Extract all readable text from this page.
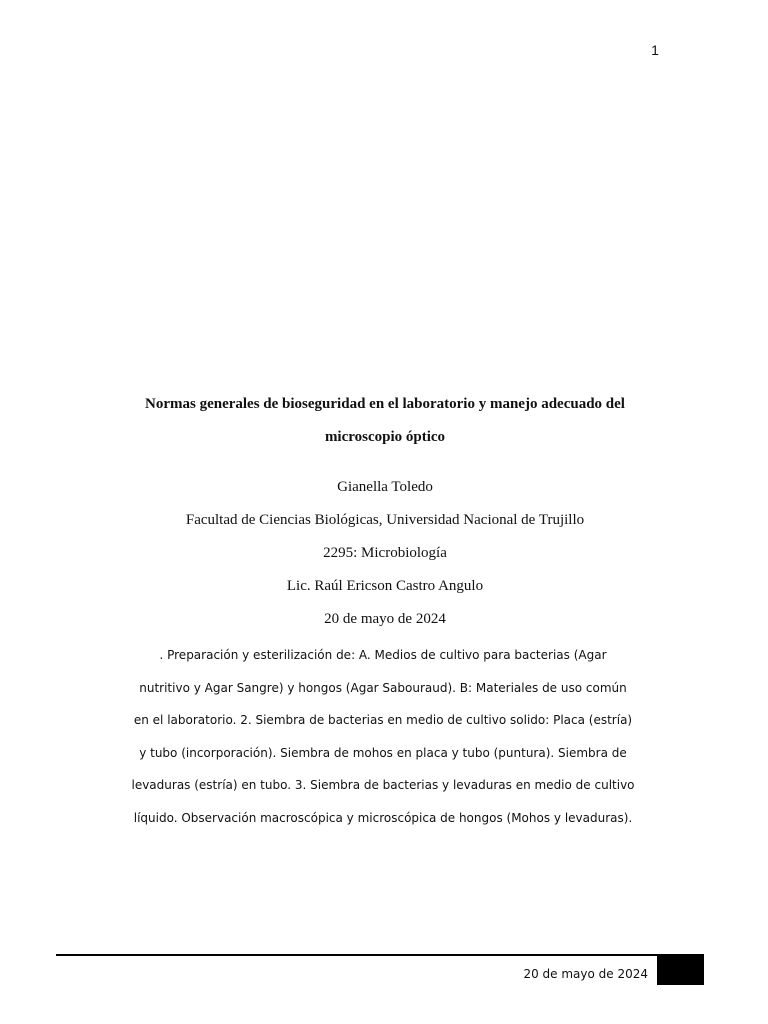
1
Normas generales de bioseguridad en el laboratorio y manejo adecuado del
microscopio óptico
Gianella Toledo
Facultad de Ciencias Biológicas, Universidad Nacional de Trujillo
2295: Microbiología
Lic. Raúl Ericson Castro Angulo
20 de mayo de 2024
. Preparación y esterilización de: A. Medios de cultivo para bacterias (Agar
nutritivo y Agar Sangre) y hongos (Agar Sabouraud). B: Materiales de uso común
en el laboratorio. 2. Siembra de bacterias en medio de cultivo solido: Placa (estría)
y tubo (incorporación). Siembra de mohos en placa y tubo (puntura). Siembra de
levaduras (estría) en tubo. 3. Siembra de bacterias y levaduras en medio de cultivo
líquido. Observación macroscópica y microscópica de hongos (Mohos y levaduras).
20 de mayo de 2024
